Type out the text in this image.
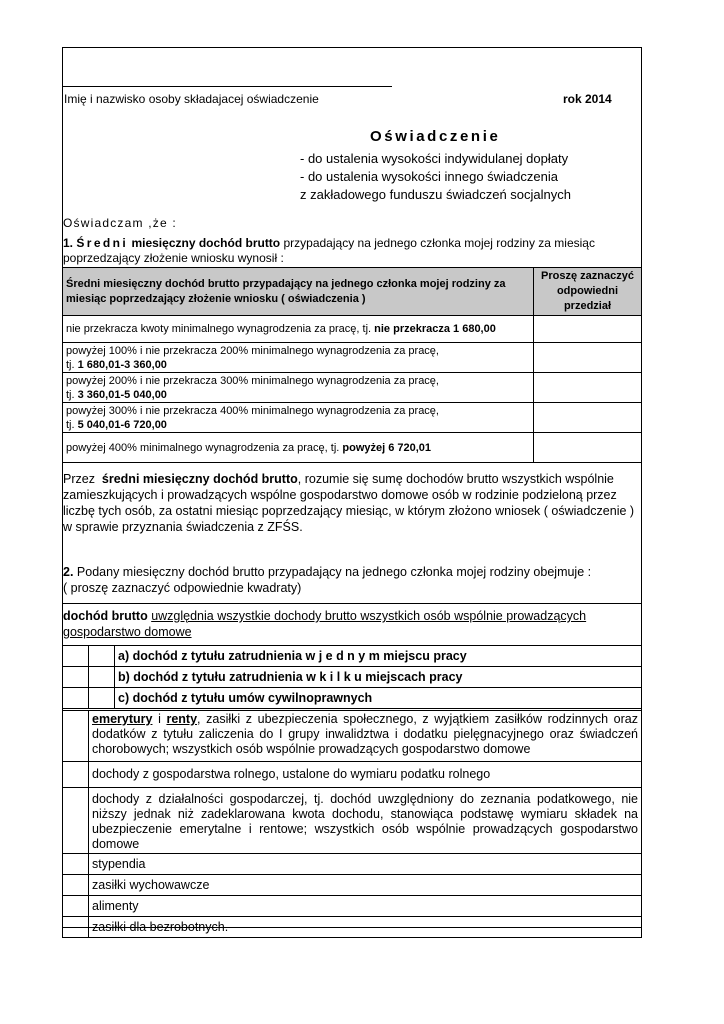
Imię i nazwisko osoby składajacej oświadczenie	rok 2014
Oświadczenie
- do ustalenia wysokości indywidulanej dopłaty
- do ustalenia wysokości innego świadczenia
z zakładowego funduszu świadczeń socjalnych
Oświadczam ,że :
1. Średni miesięczny dochód brutto przypadający na jednego członka mojej rodziny za miesiąc poprzedzający złożenie wniosku wynosił :
Średni miesięczny dochód brutto przypadający na jednego członka mojej rodziny za miesiąc poprzedzający złożenie wniosku ( oświadczenia )	Proszę zaznaczyć odpowiedni przedział
nie przekracza kwoty minimalnego wynagrodzenia za pracę, tj. nie przekracza 1 680,00	
powyżej 100% i nie przekracza 200% minimalnego wynagrodzenia za pracę,
tj. 1 680,01-3 360,00	
powyżej 200% i nie przekracza 300% minimalnego wynagrodzenia za pracę,
tj. 3 360,01-5 040,00	
powyżej 300% i nie przekracza 400% minimalnego wynagrodzenia za pracę,
tj. 5 040,01-6 720,00	
powyżej 400% minimalnego wynagrodzenia za pracę, tj. powyżej 6 720,01	
Przez średni miesięczny dochód brutto, rozumie się sumę dochodów brutto wszystkich wspólnie zamieszkujących i prowadzących wspólne gospodarstwo domowe osób w rodzinie podzieloną przez liczbę tych osób, za ostatni miesiąc poprzedzający miesiąc, w którym złożono wniosek ( oświadczenie ) w sprawie przyznania świadczenia z ZFŚS.
2. Podany miesięczny dochód brutto przypadający na jednego członka mojej rodziny obejmuje :
( proszę zaznaczyć odpowiednie kwadraty)
dochód brutto uwzględnia wszystkie dochody brutto wszystkich osób wspólnie prowadzących gospodarstwo domowe
		a) dochód z tytułu zatrudnienia w j e d n y m miejscu pracy
		b) dochód z tytułu zatrudnienia w k i l k u miejscach pracy
		c) dochód z tytułu umów cywilnoprawnych
	emerytury i renty, zasiłki z ubezpieczenia społecznego, z wyjątkiem zasiłków rodzinnych oraz dodatków z tytułu zaliczenia do I grupy inwalidztwa i dodatku pielęgnacyjnego oraz świadczeń chorobowych; wszystkich osób wspólnie prowadzących gospodarstwo domowe
	dochody z gospodarstwa rolnego, ustalone do wymiaru podatku rolnego
	dochody z działalności gospodarczej, tj. dochód uwzględniony do zeznania podatkowego, nie niższy jednak niż zadeklarowana kwota dochodu, stanowiąca podstawę wymiaru składek na ubezpieczenie emerytalne i rentowe; wszystkich osób wspólnie prowadzących gospodarstwo domowe
	stypendia
	zasiłki wychowawcze
	alimenty
	zasiłki dla bezrobotnych.
